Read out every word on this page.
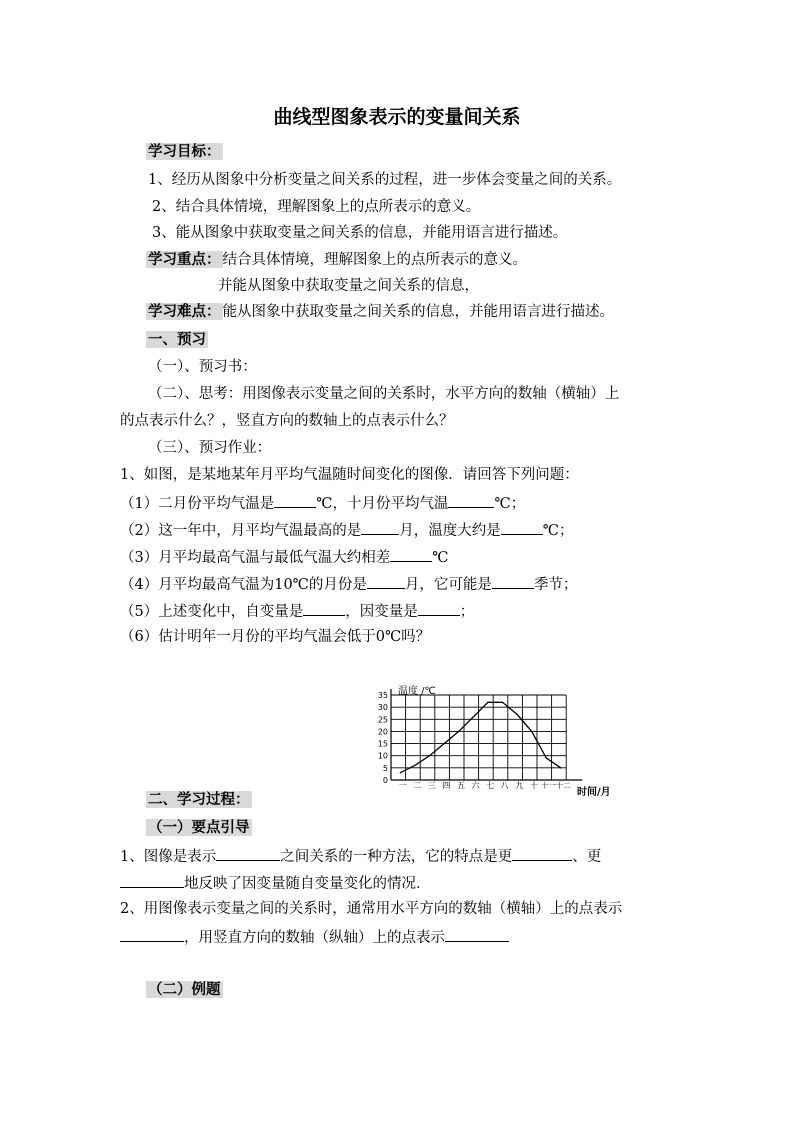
曲线型图象表示的变量间关系
学习目标：
1、经历从图象中分析变量之间关系的过程，进一步体会变量之间的关系。
2、结合具体情境，理解图象上的点所表示的意义。
3、能从图象中获取变量之间关系的信息，并能用语言进行描述。
学习重点： 结合具体情境，理解图象上的点所表示的意义。
并能从图象中获取变量之间关系的信息，
学习难点： 能从图象中获取变量之间关系的信息，并能用语言进行描述。
一、预习
（一）、预习书：
（二）、思考：用图像表示变量之间的关系时，水平方向的数轴（横轴）上
的点表示什么？，竖直方向的数轴上的点表示什么？
（三）、预习作业：
1、如图，是某地某年月平均气温随时间变化的图像．请回答下列问题：
（1）二月份平均气温是	℃，十月份平均气温	℃；
（2）这一年中，月平均气温最高的是	月，温度大约是	℃；
（3）月平均最高气温与最低气温大约相差	℃
（4）月平均最高气温为10℃的月份是	月，它可能是	季节；
（5）上述变化中，自变量是	，因变量是	；
（6）估计明年一月份的平均气温会低于0℃吗？
0
5
10
15
20
25
30
35
一 二 三 四 五 六 七 八 九 十 十一 十二
温度 /℃
时间/月
二、学习过程：
（一）要点引导
1、图像是表示	之间关系的一种方法，它的特点是更	、更
地反映了因变量随自变量变化的情况．
2、用图像表示变量之间的关系时，通常用水平方向的数轴（横轴）上的点表示
，用竖直方向的数轴（纵轴）上的点表示
（二）例题
